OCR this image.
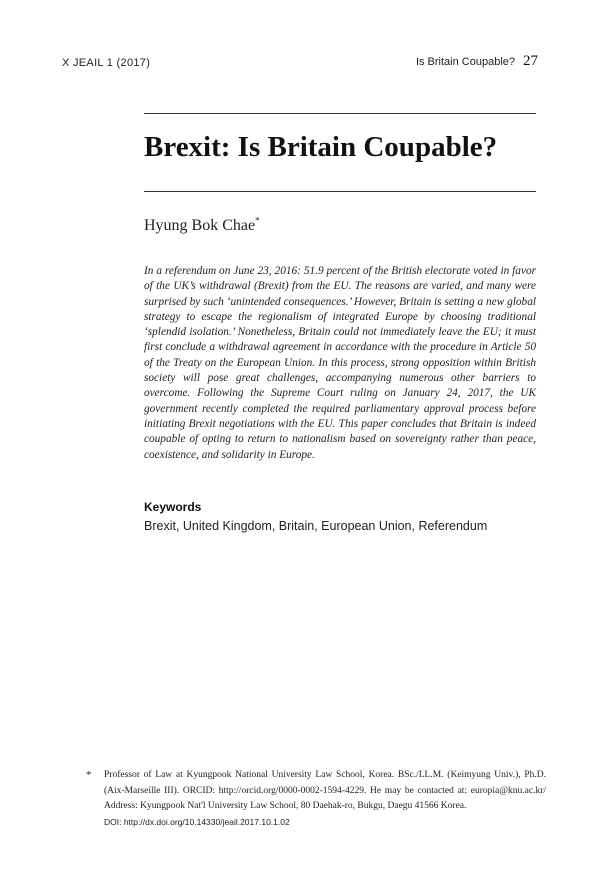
X JEAIL 1 (2017)	Is Britain Coupable? 27
Brexit: Is Britain Coupable?
Hyung Bok Chae*

In a referendum on June 23, 2016: 51.9 percent of the British electorate voted in favor of the UK’s withdrawal (Brexit) from the EU. The reasons are varied, and many were surprised by such ‘unintended consequences.’ However, Britain is setting a new global strategy to escape the regionalism of integrated Europe by choosing traditional ‘splendid isolation.’ Nonetheless, Britain could not immediately leave the EU; it must first conclude a withdrawal agreement in accordance with the procedure in Article 50 of the Treaty on the European Union. In this process, strong opposition within British society will pose great challenges, accompanying numerous other barriers to overcome. Following the Supreme Court ruling on January 24, 2017, the UK government recently completed the required parliamentary approval process before initiating Brexit negotiations with the EU. This paper concludes that Britain is indeed coupable of opting to return to nationalism based on sovereignty rather than peace, coexistence, and solidarity in Europe.

Keywords
Brexit, United Kingdom, Britain, European Union, Referendum
* Professor of Law at Kyungpook National University Law School, Korea. BSc./LL.M. (Keimyung Univ.), Ph.D. (Aix-Marseille III). ORCID: http://orcid.org/0000-0002-1594-4229. He may be contacted at: europia@knu.ac.kr/ Address: Kyungpook Nat'l University Law School, 80 Daehak-ro, Bukgu, Daegu 41566 Korea.
DOI: http://dx.doi.org/10.14330/jeail.2017.10.1.02
